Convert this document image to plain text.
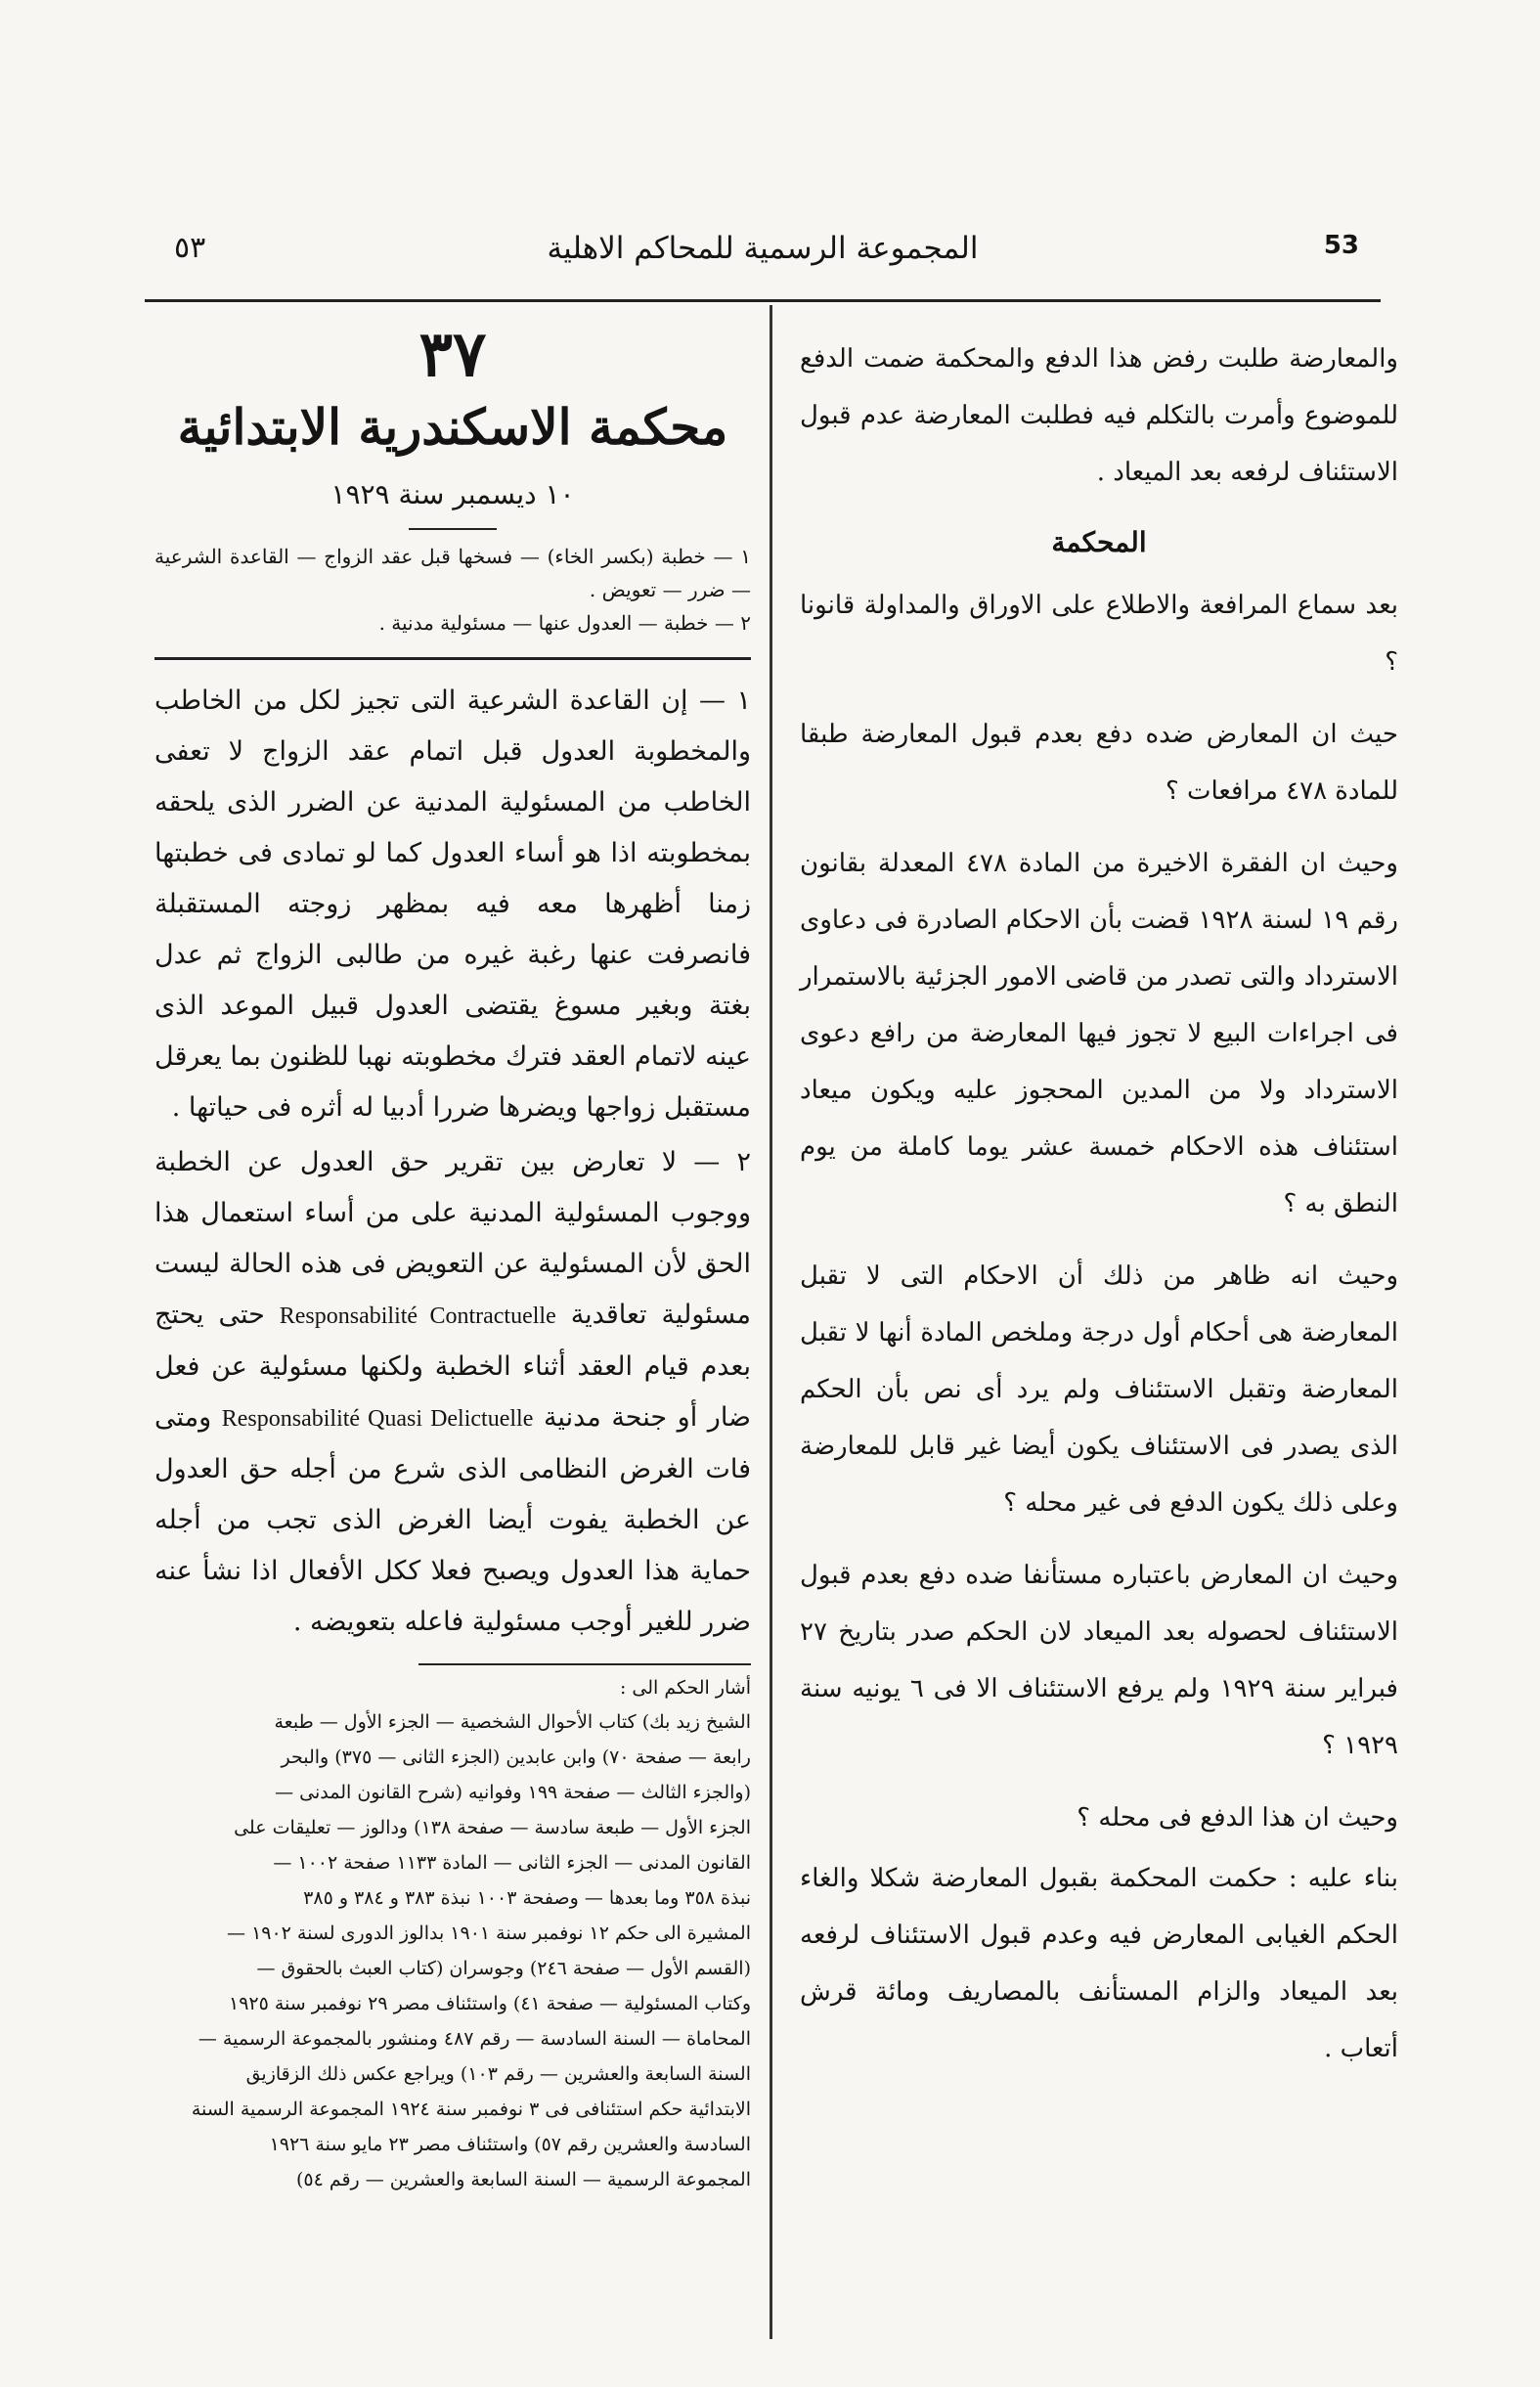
٥٣	المجموعة الرسمية للمحاكم الاهلية	53

والمعارضة طلبت رفض هذا الدفع والمحكمة ضمت الدفع للموضوع وأمرت بالتكلم فيه فطلبت المعارضة عدم قبول الاستئناف لرفعه بعد الميعاد .

المحكمة

بعد سماع المرافعة والاطلاع على الاوراق والمداولة قانونا ؟

حيث ان المعارض ضده دفع بعدم قبول المعارضة طبقا للمادة ٤٧٨ مرافعات ؟

وحيث ان الفقرة الاخيرة من المادة ٤٧٨ المعدلة بقانون رقم ١٩ لسنة ١٩٢٨ قضت بأن الاحكام الصادرة فى دعاوى الاسترداد والتى تصدر من قاضى الامور الجزئية بالاستمرار فى اجراءات البيع لا تجوز فيها المعارضة من رافع دعوى الاسترداد ولا من المدين المحجوز عليه ويكون ميعاد استئناف هذه الاحكام خمسة عشر يوما كاملة من يوم النطق به ؟

وحيث انه ظاهر من ذلك أن الاحكام التى لا تقبل المعارضة هى أحكام أول درجة وملخص المادة أنها لا تقبل المعارضة وتقبل الاستئناف ولم يرد أى نص بأن الحكم الذى يصدر فى الاستئناف يكون أيضا غير قابل للمعارضة وعلى ذلك يكون الدفع فى غير محله ؟

وحيث ان المعارض باعتباره مستأنفا ضده دفع بعدم قبول الاستئناف لحصوله بعد الميعاد لان الحكم صدر بتاريخ ٢٧ فبراير سنة ١٩٢٩ ولم يرفع الاستئناف الا فى ٦ يونيه سنة ١٩٢٩ ؟

وحيث ان هذا الدفع فى محله ؟

بناء عليه : حكمت المحكمة بقبول المعارضة شكلا والغاء الحكم الغيابى المعارض فيه وعدم قبول الاستئناف لرفعه بعد الميعاد والزام المستأنف بالمصاريف ومائة قرش أتعاب .

٣٧
محكمة الاسكندرية الابتدائية
١٠ ديسمبر سنة ١٩٢٩

١ — خطبة (بكسر الخاء) — فسخها قبل عقد الزواج — القاعدة الشرعية — ضرر — تعويض .

٢ — خطبة — العدول عنها — مسئولية مدنية .

١ — إن القاعدة الشرعية التى تجيز لكل من الخاطب والمخطوبة العدول قبل اتمام عقد الزواج لا تعفى الخاطب من المسئولية المدنية عن الضرر الذى يلحقه بمخطوبته اذا هو أساء العدول كما لو تمادى فى خطبتها زمنا أظهرها معه فيه بمظهر زوجته المستقبلة فانصرفت عنها رغبة غيره من طالبى الزواج ثم عدل بغتة وبغير مسوغ يقتضى العدول قبيل الموعد الذى عينه لاتمام العقد فترك مخطوبته نهبا للظنون بما يعرقل مستقبل زواجها ويضرها ضررا أدبيا له أثره فى حياتها .

٢ — لا تعارض بين تقرير حق العدول عن الخطبة ووجوب المسئولية المدنية على من أساء استعمال هذا الحق لأن المسئولية عن التعويض فى هذه الحالة ليست مسئولية تعاقدية Responsabilité Contractuelle حتى يحتج بعدم قيام العقد أثناء الخطبة ولكنها مسئولية عن فعل ضار أو جنحة مدنية Responsabilité Quasi Delictuelle ومتى فات الغرض النظامى الذى شرع من أجله حق العدول عن الخطبة يفوت أيضا الغرض الذى تجب من أجله حماية هذا العدول ويصبح فعلا ككل الأفعال اذا نشأ عنه ضرر للغير أوجب مسئولية فاعله بتعويضه .

أشار الحكم الى :

الشيخ زيد بك) كتاب الأحوال الشخصية — الجزء الأول — طبعة

رابعة — صفحة ٧٠) وابن عابدين (الجزء الثانى — ٣٧٥) والبحر

(والجزء الثالث — صفحة ١٩٩ وفوانيه (شرح القانون المدنى —

الجزء الأول — طبعة سادسة — صفحة ١٣٨) ودالوز — تعليقات على

القانون المدنى — الجزء الثانى — المادة ١١٣٣ صفحة ١٠٠٢ —

نبذة ٣٥٨ وما بعدها — وصفحة ١٠٠٣ نبذة ٣٨٣ و ٣٨٤ و ٣٨٥

المشيرة الى حكم ١٢ نوفمبر سنة ١٩٠١ بدالوز الدورى لسنة ١٩٠٢ —

(القسم الأول — صفحة ٢٤٦) وجوسران (كتاب العبث بالحقوق —

وكتاب المسئولية — صفحة ٤١) واستئناف مصر ٢٩ نوفمبر سنة ١٩٢٥

المحاماة — السنة السادسة — رقم ٤٨٧ ومنشور بالمجموعة الرسمية —

السنة السابعة والعشرين — رقم ١٠٣) ويراجع عكس ذلك الزقازيق

الابتدائية حكم استئنافى فى ٣ نوفمبر سنة ١٩٢٤ المجموعة الرسمية السنة

السادسة والعشرين رقم ٥٧) واستئناف مصر ٢٣ مايو سنة ١٩٢٦

المجموعة الرسمية — السنة السابعة والعشرين — رقم ٥٤)
